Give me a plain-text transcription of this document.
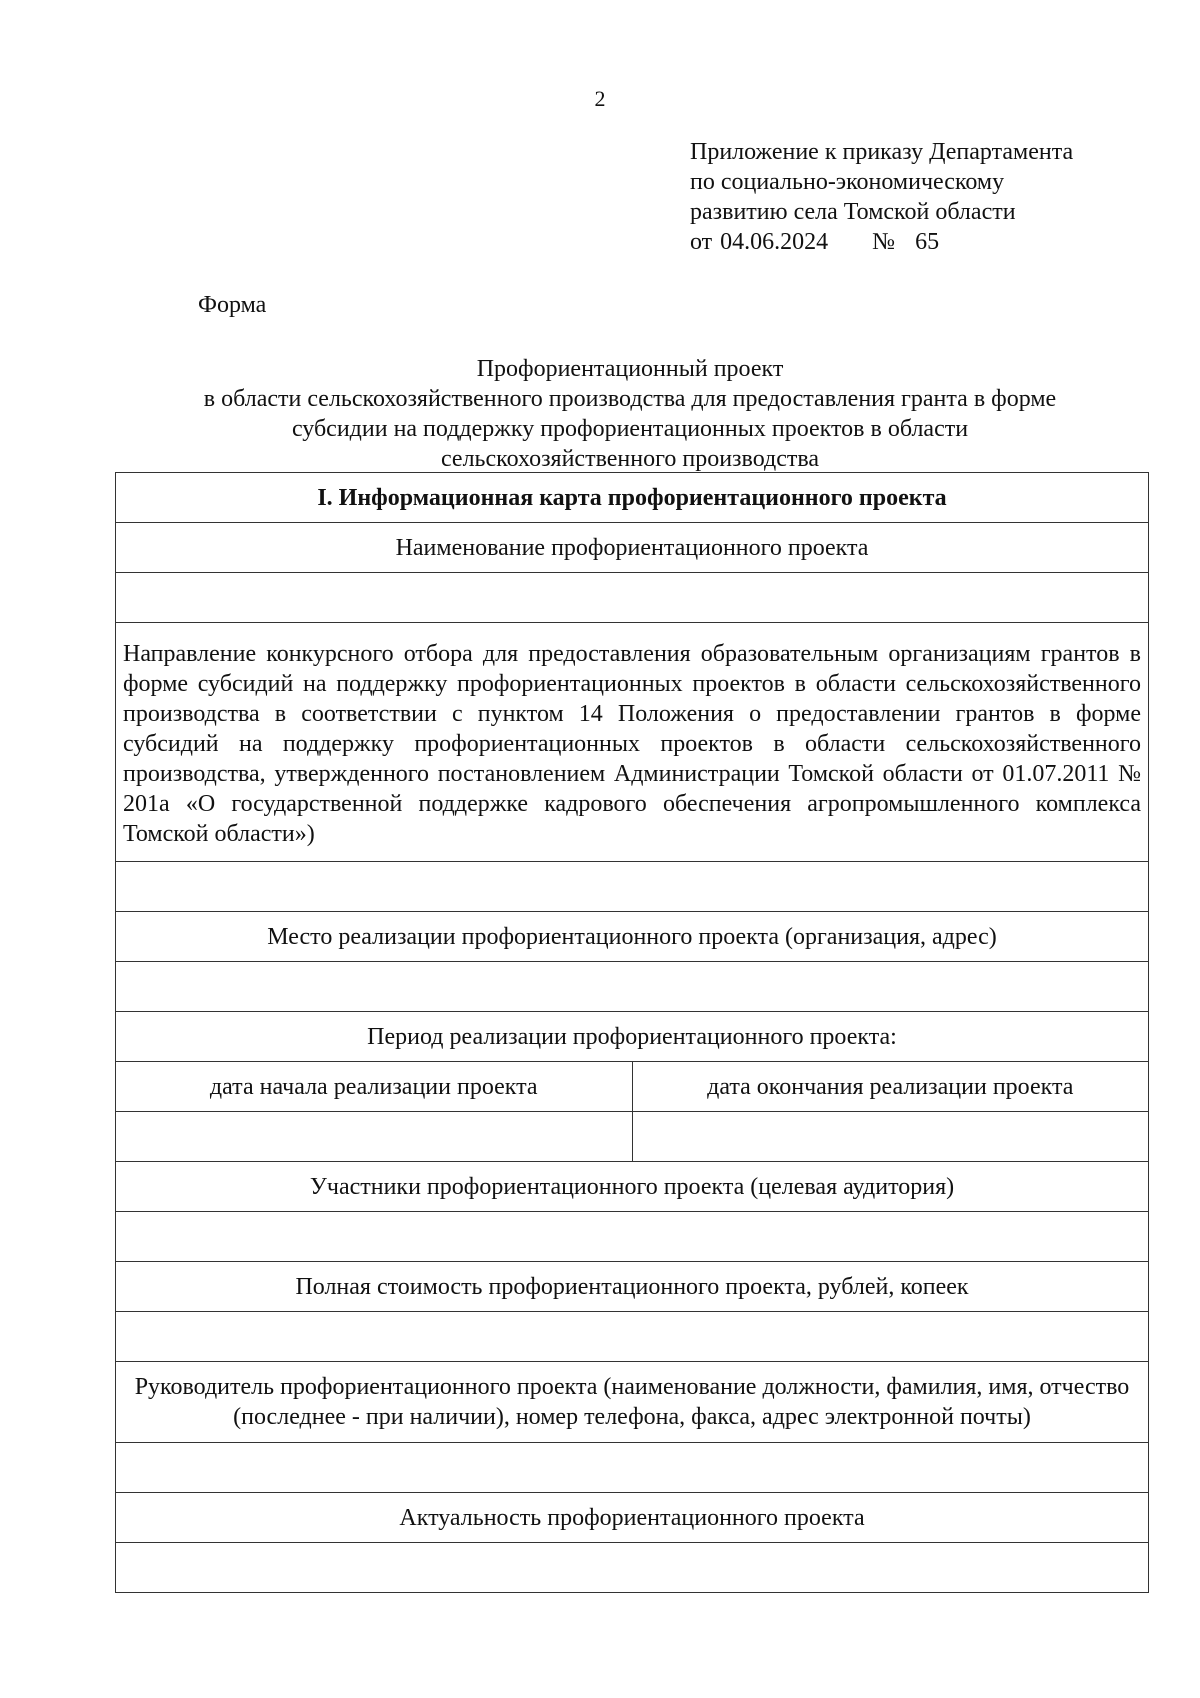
2
Приложение к приказу Департамента
по социально-экономическому
развитию села Томской области
от 04.06.2024 № 65
Форма
Профориентационный проект
в области сельскохозяйственного производства для предоставления гранта в форме
субсидии на поддержку профориентационных проектов в области
сельскохозяйственного производства
I. Информационная карта профориентационного проекта	
Наименование профориентационного проекта	

Направление конкурсного отбора для предоставления образовательным организациям грантов в форме субсидий на поддержку профориентационных проектов в области сельскохозяйственного производства в соответствии с пунктом 14 Положения о предоставлении грантов в форме субсидий на поддержку профориентационных проектов в области сельскохозяйственного производства, утвержденного постановлением Администрации Томской области от 01.07.2011 № 201а «О государственной поддержке кадрового обеспечения агропромышленного комплекса Томской области»)	

Место реализации профориентационного проекта (организация, адрес)	

Период реализации профориентационного проекта:	
дата начала реализации проекта	дата окончания реализации проекта

Участники профориентационного проекта (целевая аудитория)	

Полная стоимость профориентационного проекта, рублей, копеек	

Руководитель профориентационного проекта (наименование должности, фамилия, имя, отчество (последнее - при наличии), номер телефона, факса, адрес электронной почты)	

Актуальность профориентационного проекта	
